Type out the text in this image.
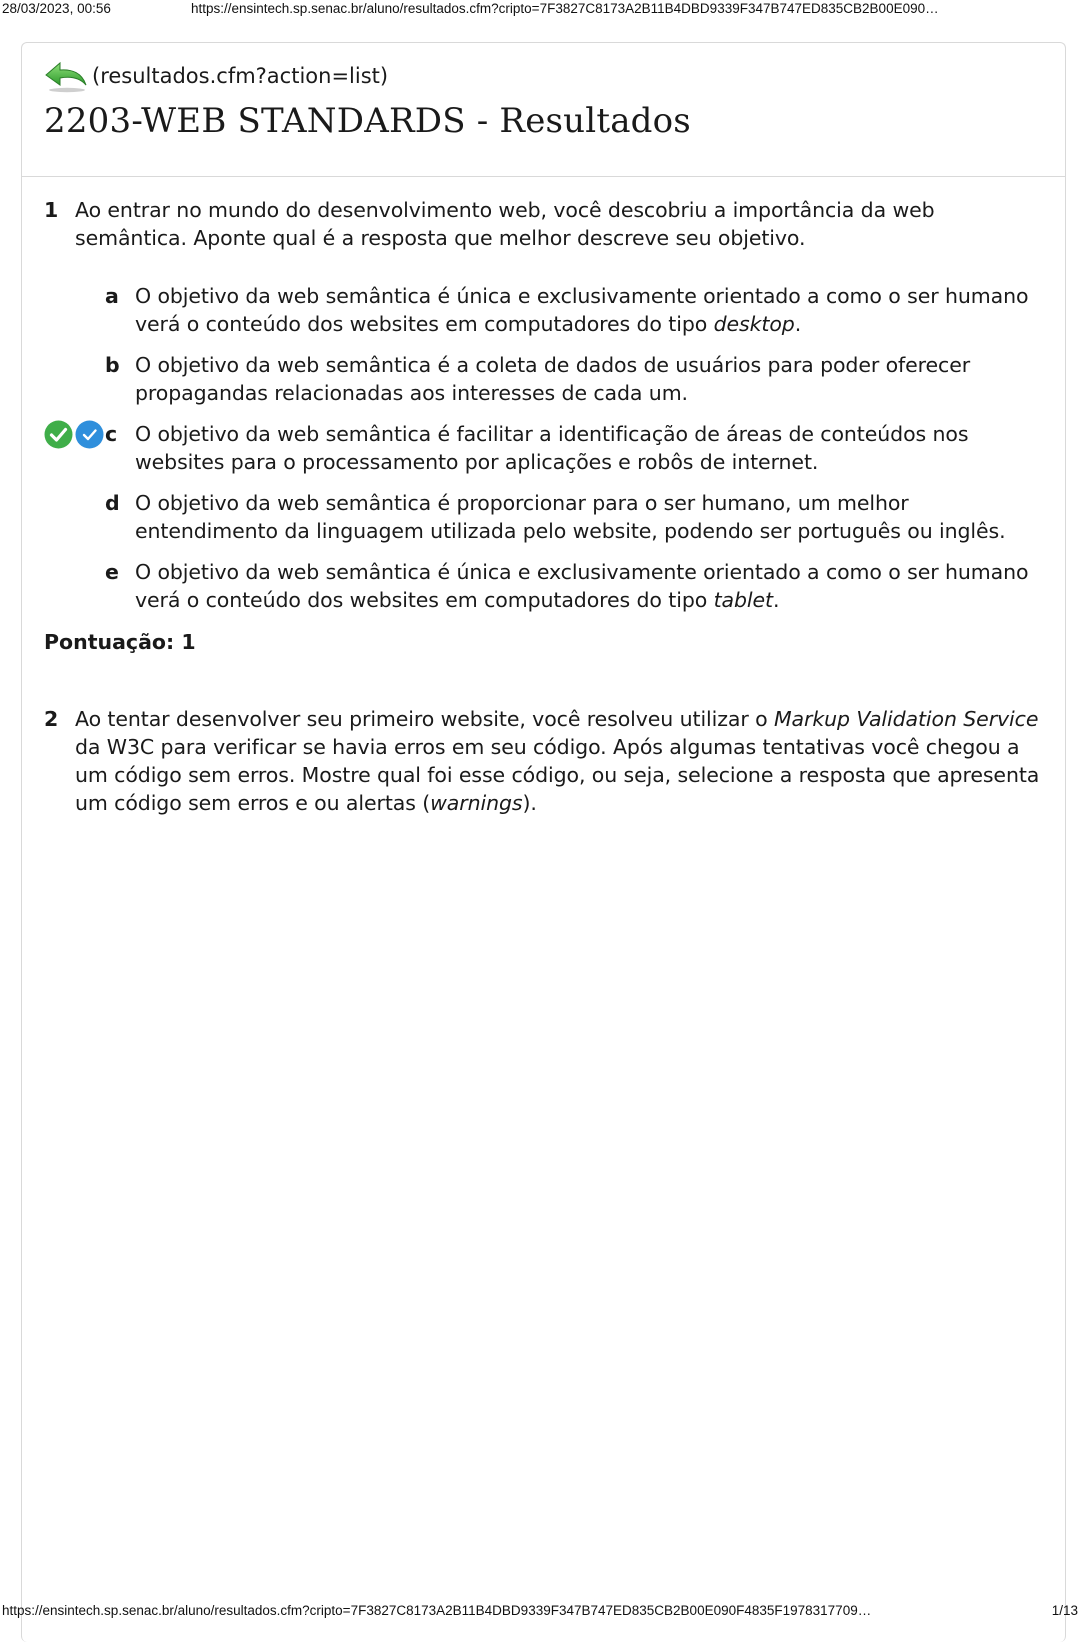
28/03/2023, 00:56	https://ensintech.sp.senac.br/aluno/resultados.cfm?cripto=7F3827C8173A2B11B4DBD9339F347B747ED835CB2B00E090…
(resultados.cfm?action=list)
2203-WEB STANDARDS - Resultados
1 Ao entrar no mundo do desenvolvimento web, você descobriu a importância da web semântica. Aponte qual é a resposta que melhor descreve seu objetivo.
a O objetivo da web semântica é única e exclusivamente orientado a como o ser humano verá o conteúdo dos websites em computadores do tipo desktop.
b O objetivo da web semântica é a coleta de dados de usuários para poder oferecer propagandas relacionadas aos interesses de cada um.
c O objetivo da web semântica é facilitar a identificação de áreas de conteúdos nos websites para o processamento por aplicações e robôs de internet.
d O objetivo da web semântica é proporcionar para o ser humano, um melhor entendimento da linguagem utilizada pelo website, podendo ser português ou inglês.
e O objetivo da web semântica é única e exclusivamente orientado a como o ser humano verá o conteúdo dos websites em computadores do tipo tablet.
Pontuação: 1
2 Ao tentar desenvolver seu primeiro website, você resolveu utilizar o Markup Validation Service da W3C para verificar se havia erros em seu código. Após algumas tentativas você chegou a um código sem erros. Mostre qual foi esse código, ou seja, selecione a resposta que apresenta um código sem erros e ou alertas (warnings).
https://ensintech.sp.senac.br/aluno/resultados.cfm?cripto=7F3827C8173A2B11B4DBD9339F347B747ED835CB2B00E090F4835F1978317709…	1/13
